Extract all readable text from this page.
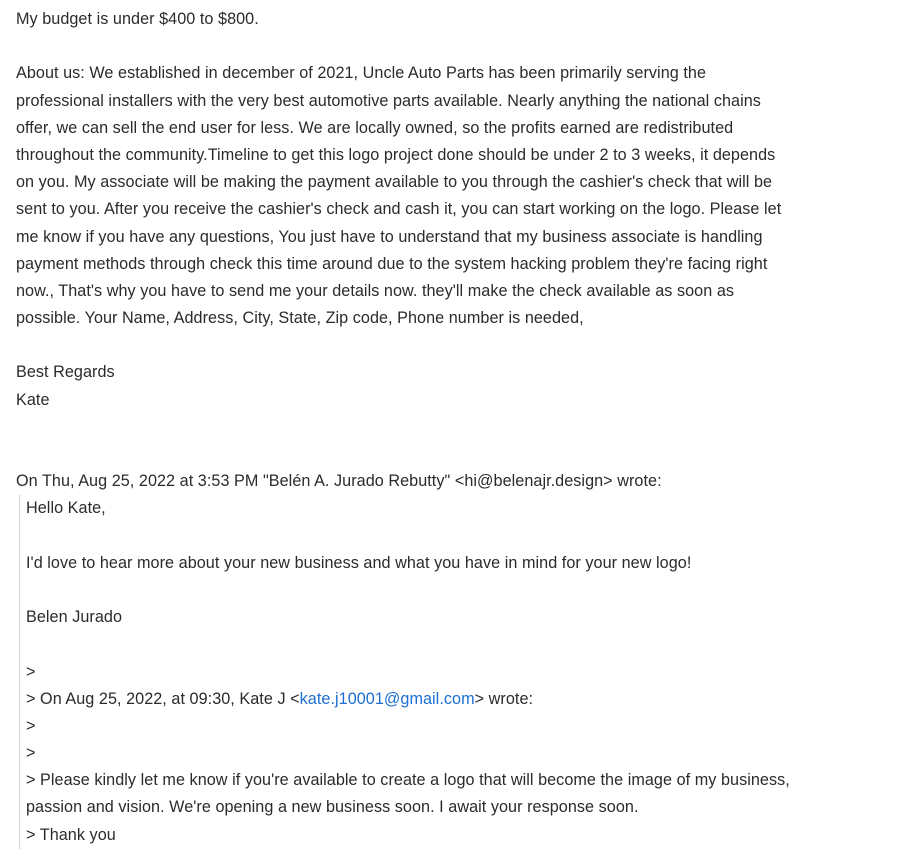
My budget is under $400 to $800.
About us: We established in december of 2021, Uncle Auto Parts has been primarily serving the
professional installers with the very best automotive parts available. Nearly anything the national chains
offer, we can sell the end user for less. We are locally owned, so the profits earned are redistributed
throughout the community.Timeline to get this logo project done should be under 2 to 3 weeks, it depends
on you. My associate will be making the payment available to you through the cashier's check that will be
sent to you. After you receive the cashier's check and cash it, you can start working on the logo. Please let
me know if you have any questions, You just have to understand that my business associate is handling
payment methods through check this time around due to the system hacking problem they're facing right
now., That's why you have to send me your details now. they'll make the check available as soon as
possible. Your Name, Address, City, State, Zip code, Phone number is needed,
Best Regards
Kate
On Thu, Aug 25, 2022 at 3:53 PM "Belén A. Jurado Rebutty" <hi@belenajr.design> wrote:
Hello Kate,
I'd love to hear more about your new business and what you have in mind for your new logo!
Belen Jurado
>
> On Aug 25, 2022, at 09:30, Kate J <kate.j10001@gmail.com> wrote:
>
>
> Please kindly let me know if you're available to create a logo that will become the image of my business,
passion and vision. We're opening a new business soon. I await your response soon.
> Thank you
